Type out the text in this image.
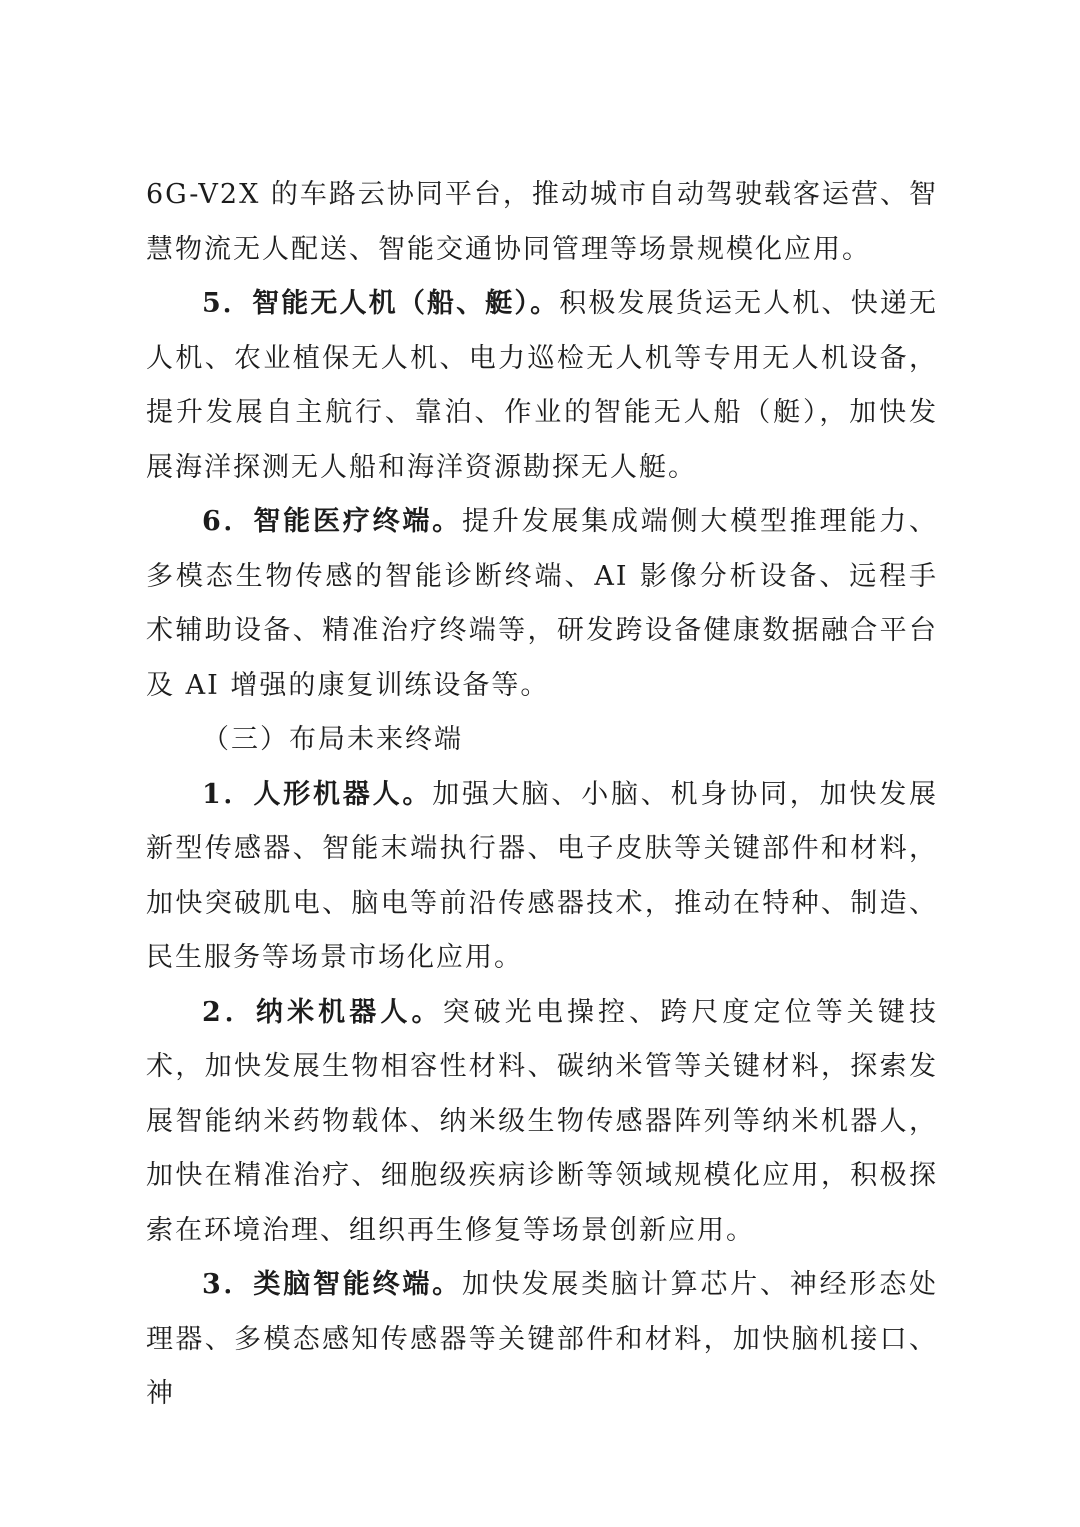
6G-V2X 的车路云协同平台，推动城市自动驾驶载客运营、智慧物流无人配送、智能交通协同管理等场景规模化应用。

5．智能无人机（船、艇）。积极发展货运无人机、快递无人机、农业植保无人机、电力巡检无人机等专用无人机设备，提升发展自主航行、靠泊、作业的智能无人船（艇），加快发展海洋探测无人船和海洋资源勘探无人艇。

6．智能医疗终端。提升发展集成端侧大模型推理能力、多模态生物传感的智能诊断终端、AI 影像分析设备、远程手术辅助设备、精准治疗终端等，研发跨设备健康数据融合平台及 AI 增强的康复训练设备等。

（三）布局未来终端

1．人形机器人。加强大脑、小脑、机身协同，加快发展新型传感器、智能末端执行器、电子皮肤等关键部件和材料，加快突破肌电、脑电等前沿传感器技术，推动在特种、制造、民生服务等场景市场化应用。

2．纳米机器人。突破光电操控、跨尺度定位等关键技术，加快发展生物相容性材料、碳纳米管等关键材料，探索发展智能纳米药物载体、纳米级生物传感器阵列等纳米机器人，加快在精准治疗、细胞级疾病诊断等领域规模化应用，积极探索在环境治理、组织再生修复等场景创新应用。

3．类脑智能终端。加快发展类脑计算芯片、神经形态处理器、多模态感知传感器等关键部件和材料，加快脑机接口、神
